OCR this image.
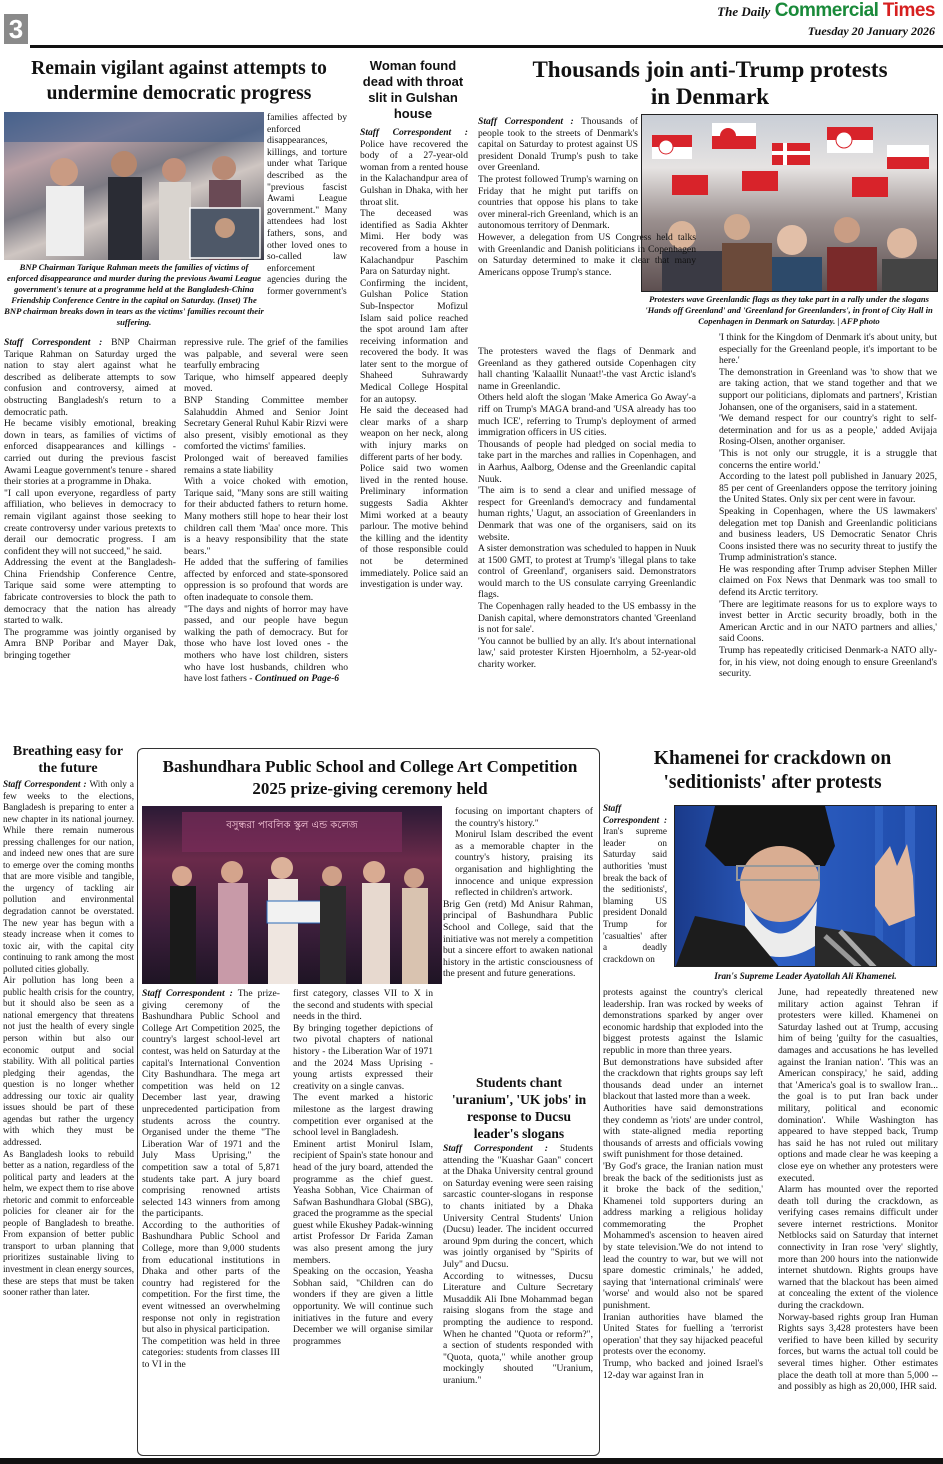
3
The Daily Commercial Times
Tuesday 20 January 2026
Remain vigilant against attempts to undermine democratic progress
BNP Chairman Tarique Rahman meets the families of victims of enforced disappearance and murder during the previous Awami League government's tenure at a programme held at the Bangladesh-China Friendship Conference Centre in the capital on Saturday. (Inset) The BNP chairman breaks down in tears as the victims' families recount their suffering.

families affected by enforced disappearances, killings, and torture under what Tarique described as the "previous fascist Awami League government." Many attendees had lost fathers, sons, and other loved ones to so-called law enforcement agencies during the former government's

Staff Correspondent : BNP Chairman Tarique Rahman on Saturday urged the nation to stay alert against what he described as deliberate attempts to sow confusion and controversy, aimed at obstructing Bangladesh's return to a democratic path.

He became visibly emotional, breaking down in tears, as families of victims of enforced disappearances and killings - carried out during the previous fascist Awami League government's tenure - shared their stories at a programme in Dhaka.

"I call upon everyone, regardless of party affiliation, who believes in democracy to remain vigilant against those seeking to create controversy under various pretexts to derail our democratic progress. I am confident they will not succeed," he said.

Addressing the event at the Bangladesh-China Friendship Conference Centre, Tarique said some were attempting to fabricate controversies to block the path to democracy that the nation has already started to walk.

The programme was jointly organised by Amra BNP Poribar and Mayer Dak, bringing together

repressive rule. The grief of the families was palpable, and several were seen tearfully embracing

Tarique, who himself appeared deeply moved.

BNP Standing Committee member Salahuddin Ahmed and Senior Joint Secretary General Ruhul Kabir Rizvi were also present, visibly emotional as they comforted the victims' families.

Prolonged wait of bereaved families remains a state liability

With a voice choked with emotion, Tarique said, "Many sons are still waiting for their abducted fathers to return home. Many mothers still hope to hear their lost children call them 'Maa' once more. This is a heavy responsibility that the state bears."

He added that the suffering of families affected by enforced and state-sponsored oppression is so profound that words are often inadequate to console them.

"The days and nights of horror may have passed, and our people have begun walking the path of democracy. But for those who have lost loved ones - the mothers who have lost children, sisters who have lost husbands, children who have lost fathers - Continued on Page-6

Woman found dead with throat slit in Gulshan house

Staff Correspondent : Police have recovered the body of a 27-year-old woman from a rented house in the Kalachandpur area of Gulshan in Dhaka, with her throat slit.

The deceased was identified as Sadia Akhter Mimi. Her body was recovered from a house in Kalachandpur Paschim Para on Saturday night.

Confirming the incident, Gulshan Police Station Sub-Inspector Mofizul Islam said police reached the spot around 1am after receiving information and recovered the body. It was later sent to the morgue of Shaheed Suhrawardy Medical College Hospital for an autopsy.

He said the deceased had clear marks of a sharp weapon on her neck, along with injury marks on different parts of her body.

Police said two women lived in the rented house. Preliminary information suggests Sadia Akhter Mimi worked at a beauty parlour. The motive behind the killing and the identity of those responsible could not be determined immediately. Police said an investigation is under way.

Thousands join anti-Trump protests in Denmark
Protesters wave Greenlandic flags as they take part in a rally under the slogans 'Hands off Greenland' and 'Greenland for Greenlanders', in front of City Hall in Copenhagen in Denmark on Saturday. | AFP photo

Staff Correspondent : Thousands of people took to the streets of Denmark's capital on Saturday to protest against US president Donald Trump's push to take over Greenland.

The protest followed Trump's warning on Friday that he might put tariffs on countries that oppose his plans to take over mineral-rich Greenland, which is an autonomous territory of Denmark.

However, a delegation from US Congress held talks with Greenlandic and Danish politicians in Copenhagen on Saturday determined to make it clear that many Americans oppose Trump's stance.

The protesters waved the flags of Denmark and Greenland as they gathered outside Copenhagen city hall chanting 'Kalaallit Nunaat!'-the vast Arctic island's name in Greenlandic.

Others held aloft the slogan 'Make America Go Away'-a riff on Trump's MAGA brand-and 'USA already has too much ICE', referring to Trump's deployment of armed immigration officers in US cities.

Thousands of people had pledged on social media to take part in the marches and rallies in Copenhagen, and in Aarhus, Aalborg, Odense and the Greenlandic capital Nuuk.

'The aim is to send a clear and unified message of respect for Greenland's democracy and fundamental human rights,' Uagut, an association of Greenlanders in Denmark that was one of the organisers, said on its website.

A sister demonstration was scheduled to happen in Nuuk at 1500 GMT, to protest at Trump's 'illegal plans to take control of Greenland', organisers said. Demonstrators would march to the US consulate carrying Greenlandic flags.

The Copenhagen rally headed to the US embassy in the Danish capital, where demonstrators chanted 'Greenland is not for sale'.

'You cannot be bullied by an ally. It's about international law,' said protester Kirsten Hjoernholm, a 52-year-old charity worker.

'I think for the Kingdom of Denmark it's about unity, but especially for the Greenland people, it's important to be here.'

The demonstration in Greenland was 'to show that we are taking action, that we stand together and that we support our politicians, diplomats and partners', Kristian Johansen, one of the organisers, said in a statement.

'We demand respect for our country's right to self-determination and for us as a people,' added Avijaja Rosing-Olsen, another organiser.

'This is not only our struggle, it is a struggle that concerns the entire world.'

According to the latest poll published in January 2025, 85 per cent of Greenlanders oppose the territory joining the United States. Only six per cent were in favour.

Speaking in Copenhagen, where the US lawmakers' delegation met top Danish and Greenlandic politicians and business leaders, US Democratic Senator Chris Coons insisted there was no security threat to justify the Trump administration's stance.

He was responding after Trump adviser Stephen Miller claimed on Fox News that Denmark was too small to defend its Arctic territory.

'There are legitimate reasons for us to explore ways to invest better in Arctic security broadly, both in the American Arctic and in our NATO partners and allies,' said Coons.

Trump has repeatedly criticised Denmark-a NATO ally-for, in his view, not doing enough to ensure Greenland's security.

Breathing easy for the future

Staff Correspondent : With only a few weeks to the elections, Bangladesh is preparing to enter a new chapter in its national journey. While there remain numerous pressing challenges for our nation, and indeed new ones that are sure to emerge over the coming months that are more visible and tangible, the urgency of tackling air pollution and environmental degradation cannot be overstated. The new year has begun with a steady increase when it comes to toxic air, with the capital city continuing to rank among the most polluted cities globally.

Air pollution has long been a public health crisis for the country, but it should also be seen as a national emergency that threatens not just the health of every single person within but also our economic output and social stability. With all political parties pledging their agendas, the question is no longer whether addressing our toxic air quality issues should be part of these agendas but rather the urgency with which they must be addressed.

As Bangladesh looks to rebuild better as a nation, regardless of the political party and leaders at the helm, we expect them to rise above rhetoric and commit to enforceable policies for cleaner air for the people of Bangladesh to breathe. From expansion of better public transport to urban planning that prioritizes sustainable living to investment in clean energy sources, these are steps that must be taken sooner rather than later.

Bashundhara Public School and College Art Competition 2025 prize-giving ceremony held
বসুন্ধরা পাবলিক স্কুল এন্ড কলেজ

Staff Correspondent : The prize-giving ceremony of the Bashundhara Public School and College Art Competition 2025, the country's largest school-level art contest, was held on Saturday at the capital's International Convention City Bashundhara. The mega art competition was held on 12 December last year, drawing unprecedented participation from students across the country. Organised under the theme "The Liberation War of 1971 and the July Mass Uprising," the competition saw a total of 5,871 students take part. A jury board comprising renowned artists selected 143 winners from among the participants.

According to the authorities of Bashundhara Public School and College, more than 9,000 students from educational institutions in Dhaka and other parts of the country had registered for the competition. For the first time, the event witnessed an overwhelming response not only in registration but also in physical participation.

The competition was held in three categories: students from classes III to VI in the

first category, classes VII to X in the second and students with special needs in the third.

By bringing together depictions of two pivotal chapters of national history - the Liberation War of 1971 and the 2024 Mass Uprising - young artists expressed their creativity on a single canvas.

The event marked a historic milestone as the largest drawing competition ever organised at the school level in Bangladesh.

Eminent artist Monirul Islam, recipient of Spain's state honour and head of the jury board, attended the programme as the chief guest. Yeasha Sobhan, Vice Chairman of Safwan Bashundhara Global (SBG), graced the programme as the special guest while Ekushey Padak-winning artist Professor Dr Farida Zaman was also present among the jury members.

Speaking on the occasion, Yeasha Sobhan said, "Children can do wonders if they are given a little opportunity. We will continue such initiatives in the future and every December we will organise similar programmes

focusing on important chapters of the country's history."

Monirul Islam described the event as a memorable chapter in the country's history, praising its organisation and highlighting the innocence and unique expression reflected in children's artwork.

Brig Gen (retd) Md Anisur Rahman, principal of Bashundhara Public School and College, said that the initiative was not merely a competition but a sincere effort to awaken national history in the artistic consciousness of the present and future generations.

Students chant 'uranium', 'UK jobs' in response to Ducsu leader's slogans

Staff Correspondent : Students attending the "Kuashar Gaan" concert at the Dhaka University central ground on Saturday evening were seen raising sarcastic counter-slogans in response to chants initiated by a Dhaka University Central Students' Union (Ducsu) leader. The incident occurred around 9pm during the concert, which was jointly organised by "Spirits of July" and Ducsu.

According to witnesses, Ducsu Literature and Culture Secretary Musaddik Ali Ibne Mohammad began raising slogans from the stage and prompting the audience to respond. When he chanted "Quota or reform?", a section of students responded with "Quota, quota," while another group mockingly shouted "Uranium, uranium."

Khamenei for crackdown on 'seditionists' after protests

Staff Correspondent : Iran's supreme leader on Saturday said authorities 'must break the back of the seditionists', blaming US president Donald Trump for 'casualties' after a deadly crackdown on

Iran's Supreme Leader Ayatollah Ali Khamenei.

protests against the country's clerical leadership. Iran was rocked by weeks of demonstrations sparked by anger over economic hardship that exploded into the biggest protests against the Islamic republic in more than three years.

But demonstrations have subsided after the crackdown that rights groups say left thousands dead under an internet blackout that lasted more than a week.

Authorities have said demonstrations they condemn as 'riots' are under control, with state-aligned media reporting thousands of arrests and officials vowing swift punishment for those detained.

'By God's grace, the Iranian nation must break the back of the seditionists just as it broke the back of the sedition,' Khamenei told supporters during an address marking a religious holiday commemorating the Prophet Mohammed's ascension to heaven aired by state television.'We do not intend to lead the country to war, but we will not spare domestic criminals,' he added, saying that 'international criminals' were 'worse' and would also not be spared punishment.

Iranian authorities have blamed the United States for fuelling a 'terrorist operation' that they say hijacked peaceful protests over the economy.

Trump, who backed and joined Israel's 12-day war against Iran in

June, had repeatedly threatened new military action against Tehran if protesters were killed. Khamenei on Saturday lashed out at Trump, accusing him of being 'guilty for the casualties, damages and accusations he has levelled against the Iranian nation'. 'This was an American conspiracy,' he said, adding that 'America's goal is to swallow Iran... the goal is to put Iran back under military, political and economic domination'. While Washington has appeared to have stepped back, Trump has said he has not ruled out military options and made clear he was keeping a close eye on whether any protesters were executed.

Alarm has mounted over the reported death toll during the crackdown, as verifying cases remains difficult under severe internet restrictions. Monitor Netblocks said on Saturday that internet connectivity in Iran rose 'very' slightly, more than 200 hours into the nationwide internet shutdown. Rights groups have warned that the blackout has been aimed at concealing the extent of the violence during the crackdown.

Norway-based rights group Iran Human Rights says 3,428 protesters have been verified to have been killed by security forces, but warns the actual toll could be several times higher. Other estimates place the death toll at more than 5,000 -- and possibly as high as 20,000, IHR said.
